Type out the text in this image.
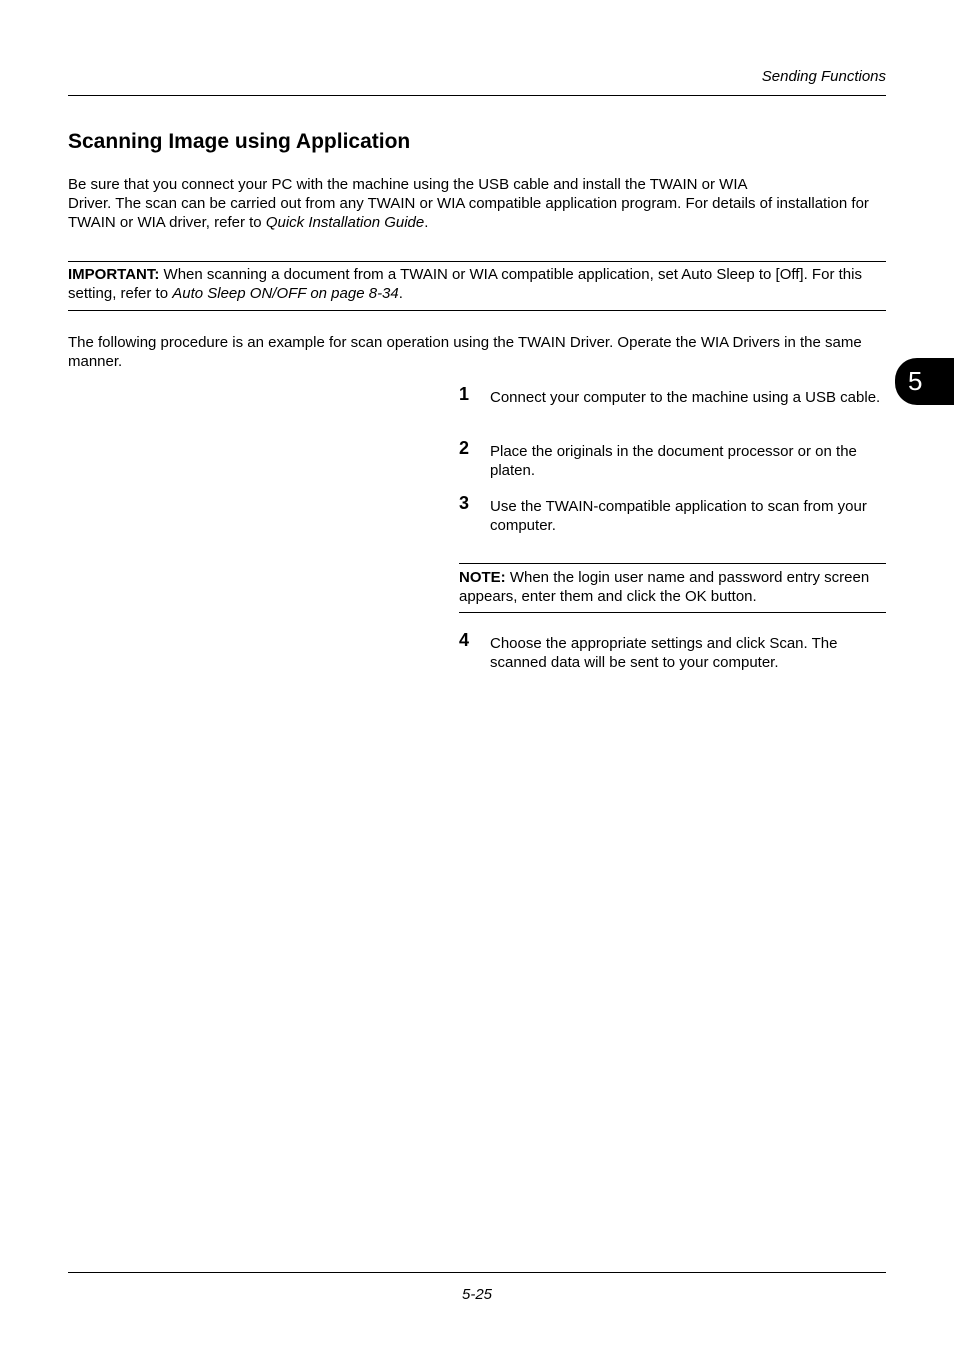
Sending Functions
Scanning Image using Application
Be sure that you connect your PC with the machine using the USB cable and install the TWAIN or WIA
Driver. The scan can be carried out from any TWAIN or WIA compatible application program. For details of installation for TWAIN or WIA driver, refer to Quick Installation Guide.
IMPORTANT: When scanning a document from a TWAIN or WIA compatible application, set Auto Sleep to [Off]. For this setting, refer to Auto Sleep ON/OFF on page 8-34.
The following procedure is an example for scan operation using the TWAIN Driver. Operate the WIA Drivers in the same manner.
1 Connect your computer to the machine using a USB cable.
2 Place the originals in the document processor or on the platen.
3 Use the TWAIN-compatible application to scan from your computer.
NOTE: When the login user name and password entry screen appears, enter them and click the OK button.
4 Choose the appropriate settings and click Scan. The scanned data will be sent to your computer.
5
5-25
